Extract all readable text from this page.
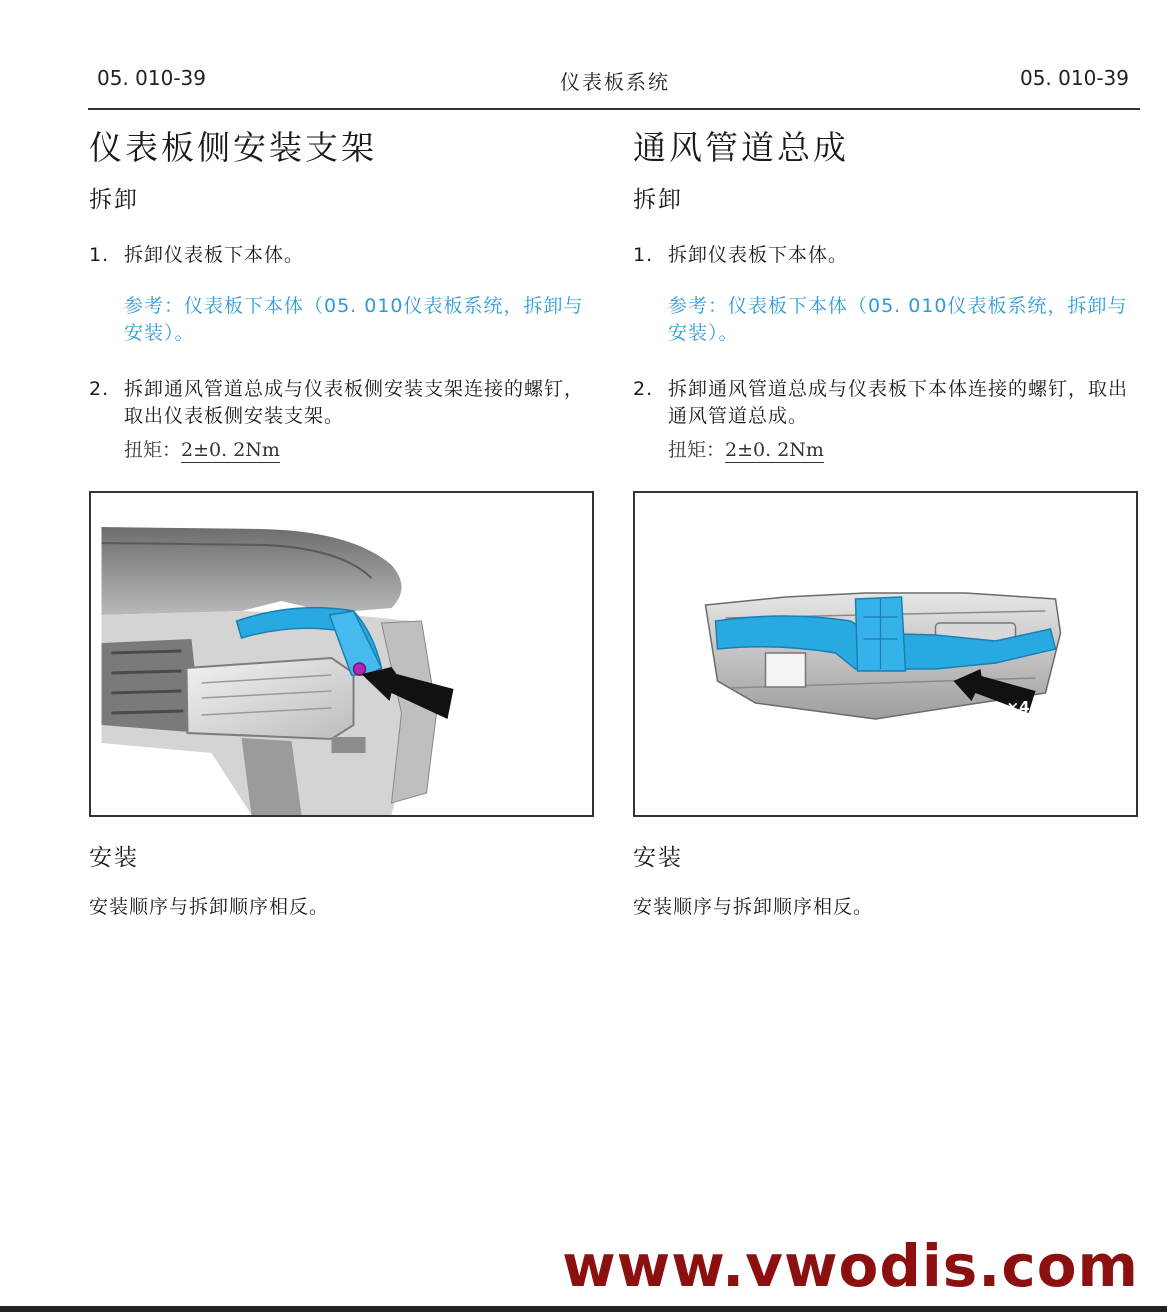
05. 010-39	仪表板系统	05. 010-39
仪表板侧安装支架
拆卸
1. 拆卸仪表板下本体。
参考：仪表板下本体（05. 010仪表板系统，拆卸与安装）。
2. 拆卸通风管道总成与仪表板侧安装支架连接的螺钉，取出仪表板侧安装支架。
扭矩：2±0. 2Nm
安装
安装顺序与拆卸顺序相反。
通风管道总成
拆卸
1. 拆卸仪表板下本体。
参考：仪表板下本体（05. 010仪表板系统，拆卸与安装）。
2. 拆卸通风管道总成与仪表板下本体连接的螺钉，取出通风管道总成。
扭矩：2±0. 2Nm
×4
安装
安装顺序与拆卸顺序相反。
www.vwodis.com
